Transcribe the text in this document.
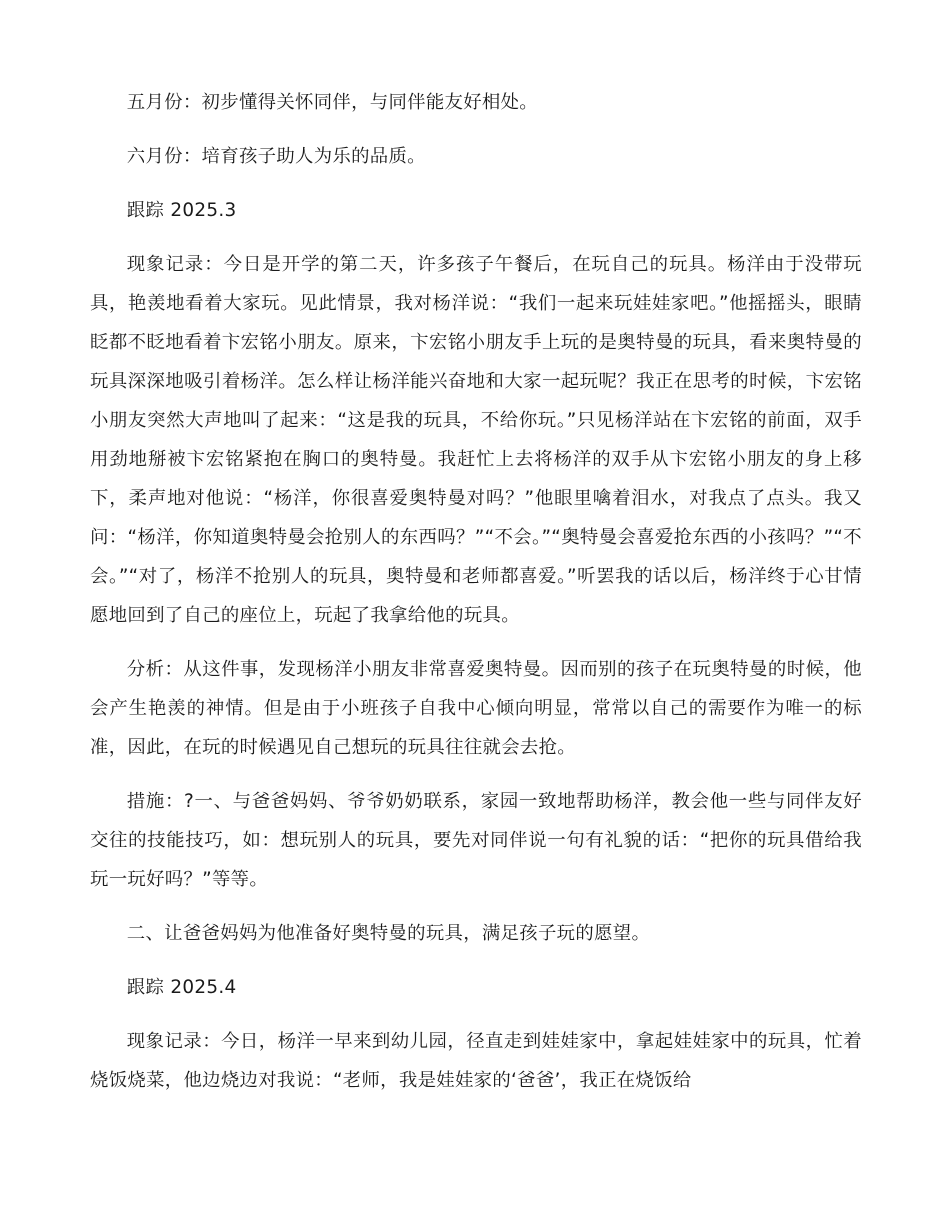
五月份：初步懂得关怀同伴，与同伴能友好相处。

六月份：培育孩子助人为乐的品质。

跟踪 2025.3

现象记录：今日是开学的第二天，许多孩子午餐后，在玩自己的玩具。杨洋由于没带玩具，艳羡地看着大家玩。见此情景，我对杨洋说：“我们一起来玩娃娃家吧。”他摇摇头，眼睛眨都不眨地看着卞宏铭小朋友。原来，卞宏铭小朋友手上玩的是奥特曼的玩具，看来奥特曼的玩具深深地吸引着杨洋。怎么样让杨洋能兴奋地和大家一起玩呢？我正在思考的时候，卞宏铭小朋友突然大声地叫了起来：“这是我的玩具，不给你玩。”只见杨洋站在卞宏铭的前面，双手用劲地掰被卞宏铭紧抱在胸口的奥特曼。我赶忙上去将杨洋的双手从卞宏铭小朋友的身上移下，柔声地对他说：“杨洋，你很喜爱奥特曼对吗？”他眼里噙着泪水，对我点了点头。我又问：“杨洋，你知道奥特曼会抢别人的东西吗？”“不会。”“奥特曼会喜爱抢东西的小孩吗？”“不会。”“对了，杨洋不抢别人的玩具，奥特曼和老师都喜爱。”听罢我的话以后，杨洋终于心甘情愿地回到了自己的座位上，玩起了我拿给他的玩具。

分析：从这件事，发现杨洋小朋友非常喜爱奥特曼。因而别的孩子在玩奥特曼的时候，他会产生艳羡的神情。但是由于小班孩子自我中心倾向明显，常常以自己的需要作为唯一的标准，因此，在玩的时候遇见自己想玩的玩具往往就会去抢。

措施：?一、与爸爸妈妈、爷爷奶奶联系，家园一致地帮助杨洋，教会他一些与同伴友好交往的技能技巧，如：想玩别人的玩具，要先对同伴说一句有礼貌的话：“把你的玩具借给我玩一玩好吗？”等等。

二、让爸爸妈妈为他准备好奥特曼的玩具，满足孩子玩的愿望。

跟踪 2025.4

现象记录：今日，杨洋一早来到幼儿园，径直走到娃娃家中，拿起娃娃家中的玩具，忙着烧饭烧菜，他边烧边对我说：“老师，我是娃娃家的‘爸爸’，我正在烧饭给
